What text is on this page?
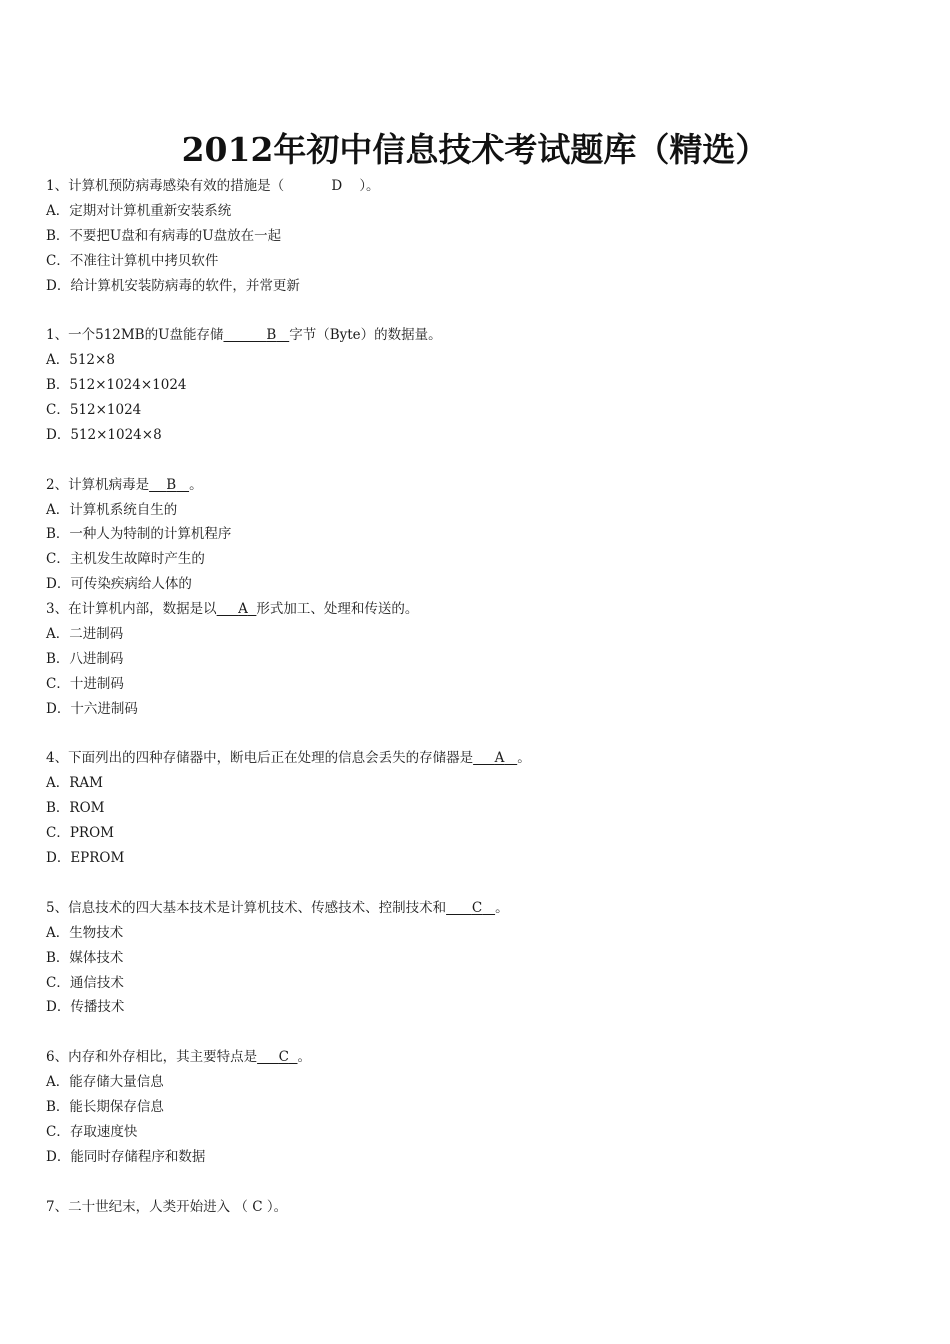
2012年初中信息技术考试题库（精选）
1、计算机预防病毒感染有效的措施是（	D ）。
A．定期对计算机重新安装系统
B．不要把U盘和有病毒的U盘放在一起
C．不准往计算机中拷贝软件
D．给计算机安装防病毒的软件，并常更新
1、一个512MB的U盘能存储	B 字节（Byte）的数据量。
A．512×8
B．512×1024×1024
C．512×1024
D．512×1024×8
2、计算机病毒是 B 。
A．计算机系统自生的
B．一种人为特制的计算机程序
C．主机发生故障时产生的
D．可传染疾病给人体的
3、在计算机内部，数据是以 A 形式加工、处理和传送的。
A．二进制码
B．八进制码
C．十进制码
D．十六进制码
4、下面列出的四种存储器中，断电后正在处理的信息会丢失的存储器是 A 。
A．RAM
B．ROM
C．PROM
D．EPROM
5、信息技术的四大基本技术是计算机技术、传感技术、控制技术和 C 。
A．生物技术
B．媒体技术
C．通信技术
D．传播技术
6、内存和外存相比，其主要特点是 C 。
A．能存储大量信息
B．能长期保存信息
C．存取速度快
D．能同时存储程序和数据
7、二十世纪末，人类开始进入 （ C ）。
